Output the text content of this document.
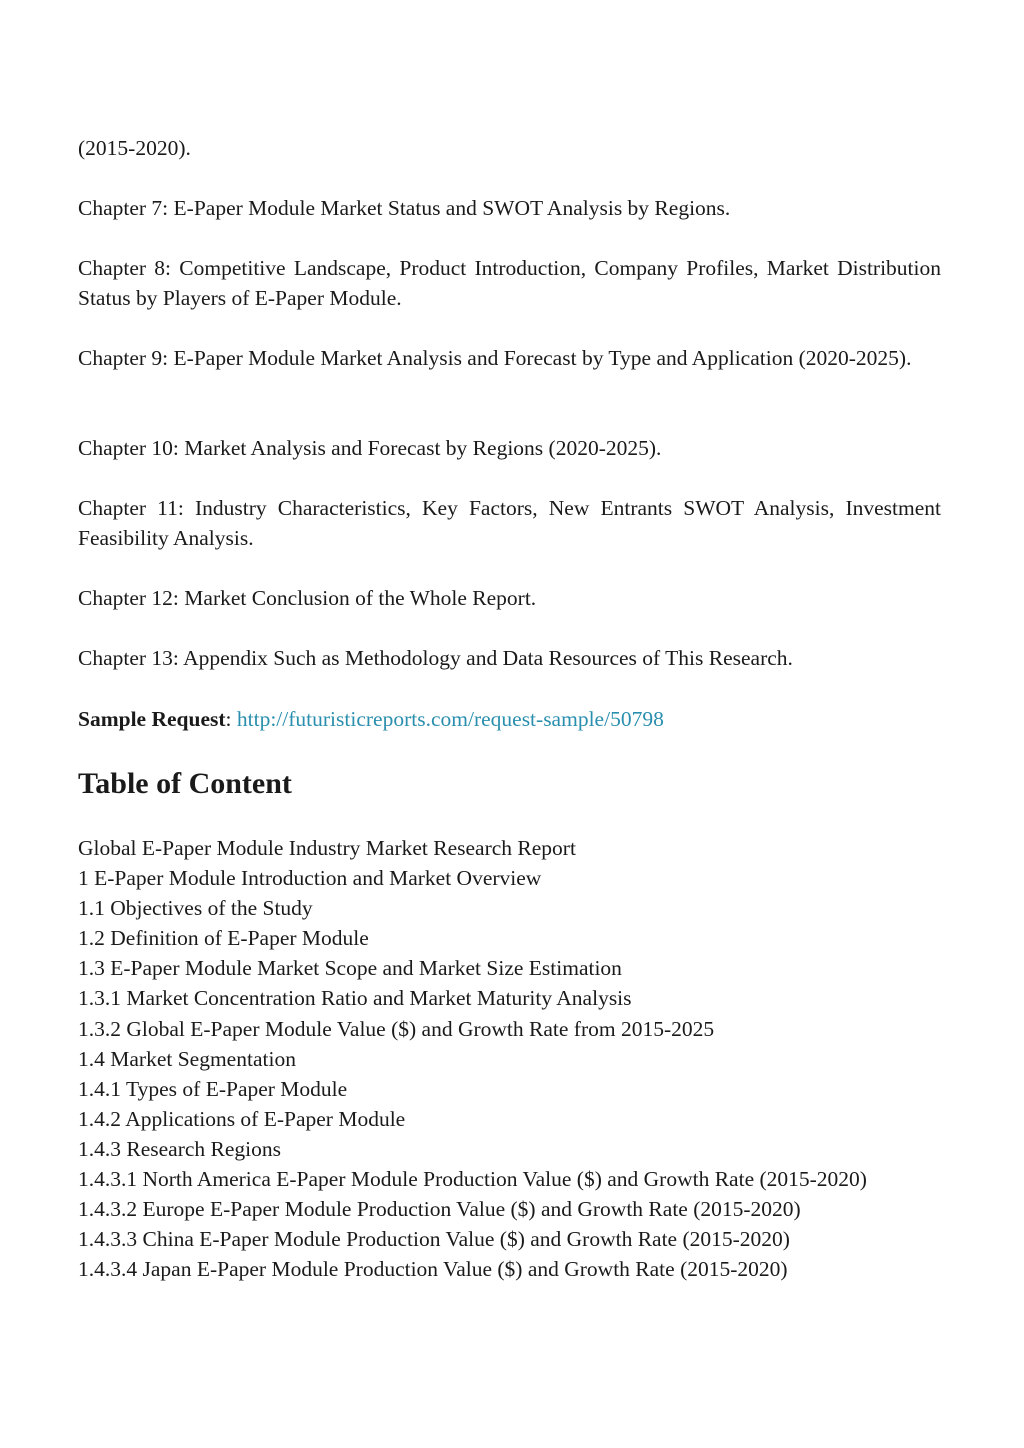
(2015-2020).

Chapter 7: E-Paper Module Market Status and SWOT Analysis by Regions.

Chapter 8: Competitive Landscape, Product Introduction, Company Profiles, Market Distribution Status by Players of E-Paper Module.

Chapter 9: E-Paper Module Market Analysis and Forecast by Type and Application (2020-2025).

Chapter 10: Market Analysis and Forecast by Regions (2020-2025).

Chapter 11: Industry Characteristics, Key Factors, New Entrants SWOT Analysis, Investment Feasibility Analysis.

Chapter 12: Market Conclusion of the Whole Report.

Chapter 13: Appendix Such as Methodology and Data Resources of This Research.

Sample Request: http://futuristicreports.com/request-sample/50798

Table of Content
Global E-Paper Module Industry Market Research Report
1 E-Paper Module Introduction and Market Overview
1.1 Objectives of the Study
1.2 Definition of E-Paper Module
1.3 E-Paper Module Market Scope and Market Size Estimation
1.3.1 Market Concentration Ratio and Market Maturity Analysis
1.3.2 Global E-Paper Module Value ($) and Growth Rate from 2015-2025
1.4 Market Segmentation
1.4.1 Types of E-Paper Module
1.4.2 Applications of E-Paper Module
1.4.3 Research Regions
1.4.3.1 North America E-Paper Module Production Value ($) and Growth Rate (2015-2020)
1.4.3.2 Europe E-Paper Module Production Value ($) and Growth Rate (2015-2020)
1.4.3.3 China E-Paper Module Production Value ($) and Growth Rate (2015-2020)
1.4.3.4 Japan E-Paper Module Production Value ($) and Growth Rate (2015-2020)
